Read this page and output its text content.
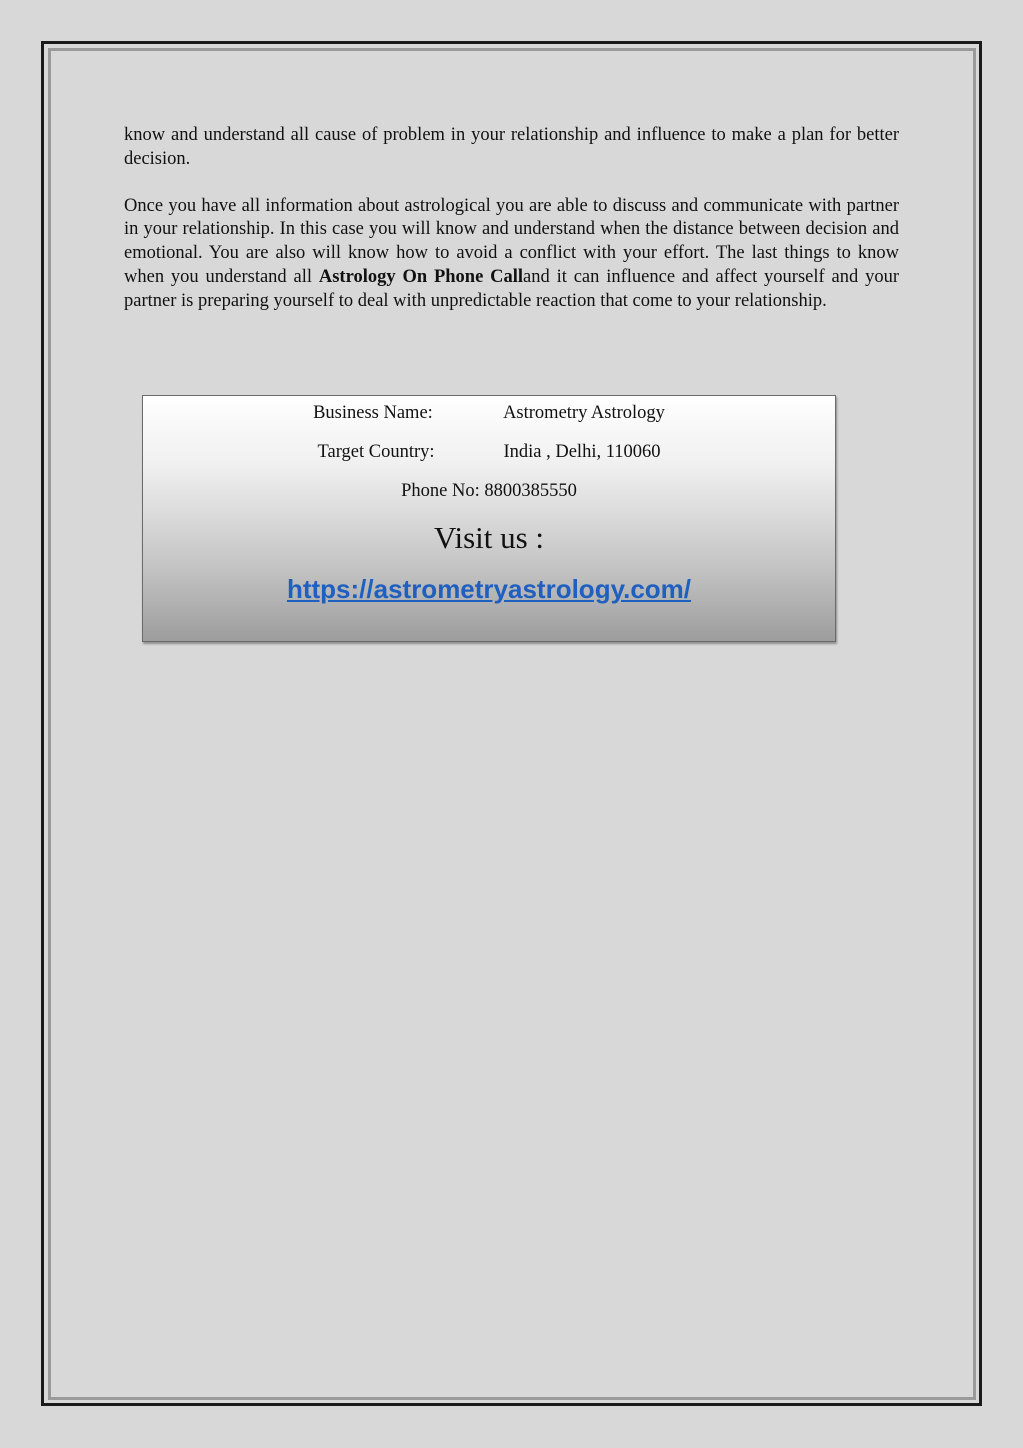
know and understand all cause of problem in your relationship and influence to make a plan for better decision.

Once you have all information about astrological you are able to discuss and communicate with partner in your relationship. In this case you will know and understand when the distance between decision and emotional. You are also will know how to avoid a conflict with your effort. The last things to know when you understand all Astrology On Phone Calland it can influence and affect yourself and your partner is preparing yourself to deal with unpredictable reaction that come to your relationship.

Business Name:	Astrometry Astrology
Target Country:	India , Delhi, 110060
Phone No: 8800385550
Visit us :
https://astrometryastrology.com/
